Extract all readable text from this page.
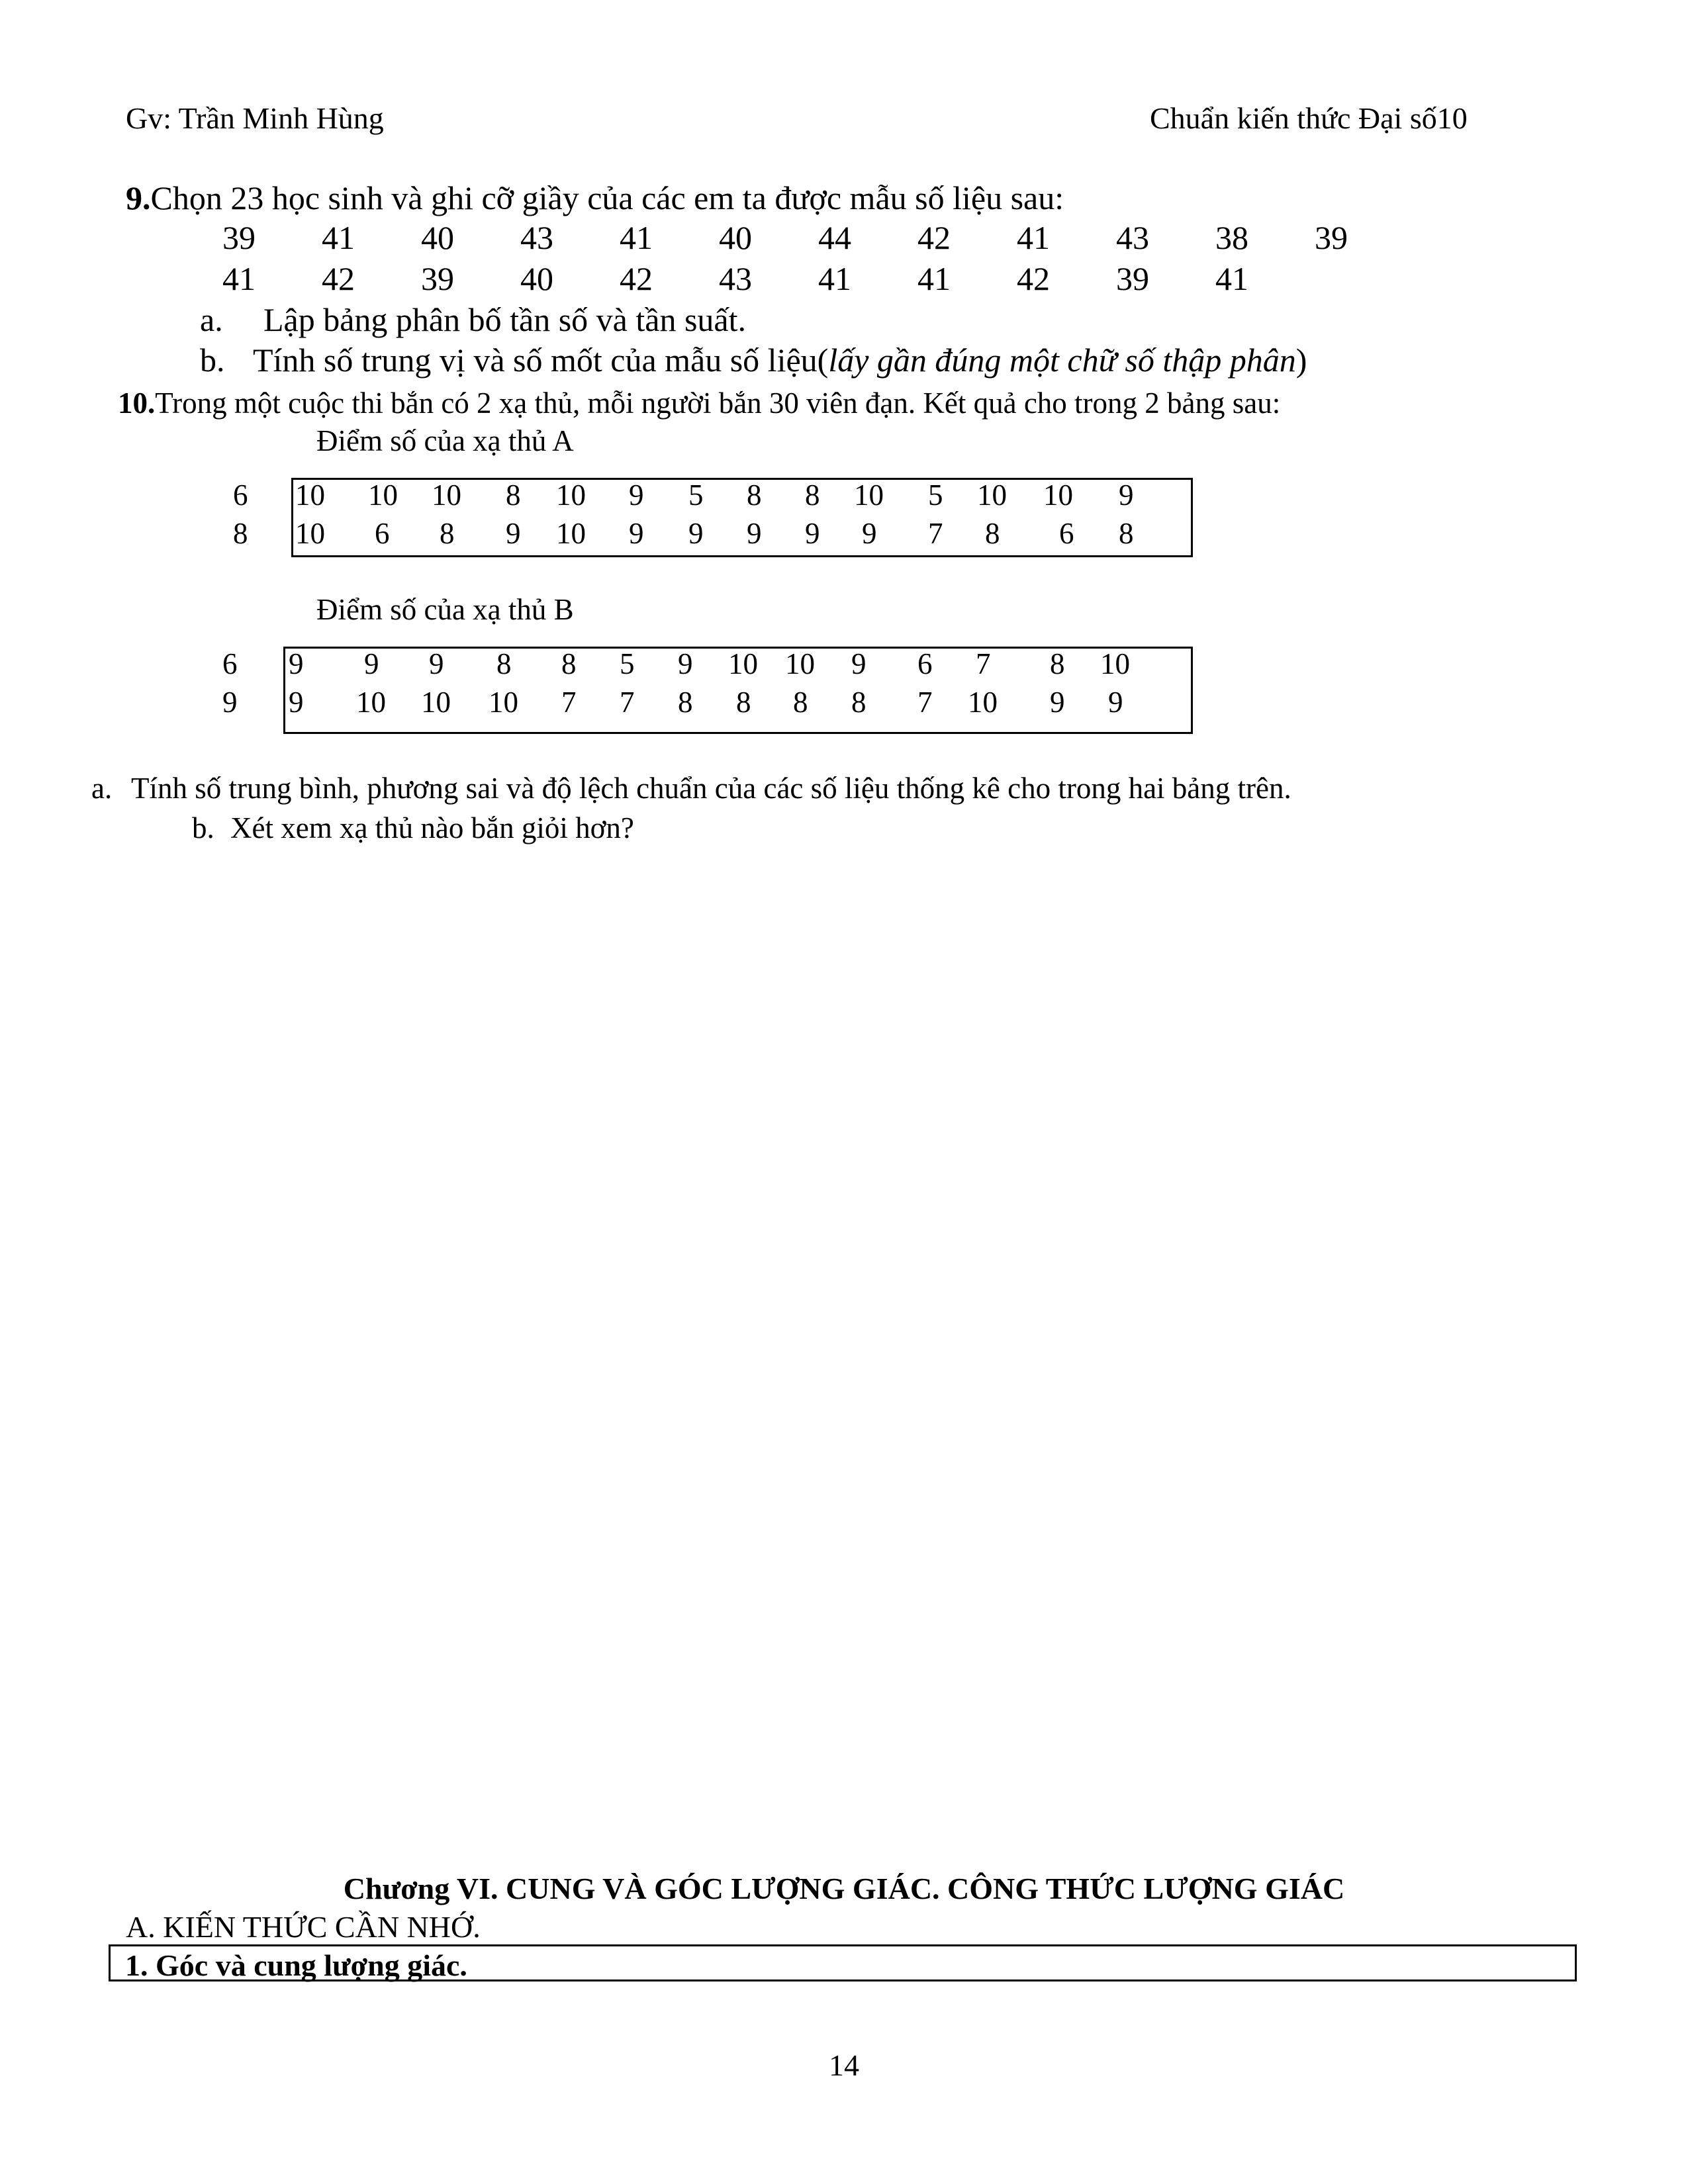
Gv: Trần Minh Hùng	Chuẩn kiến thức Đại số10
9.Chọn 23 học sinh và ghi cỡ giầy của các em ta được mẫu số liệu sau:
39 41 40 43 41 40 44 42 41 43 38 39
41 42 39 40 42 43 41 41 42 39 41
a. Lập bảng phân bố tần số và tần suất.
b. Tính số trung vị và số mốt của mẫu số liệu(lấy gần đúng một chữ số thập phân)
10.Trong một cuộc thi bắn có 2 xạ thủ, mỗi người bắn 30 viên đạn. Kết quả cho trong 2 bảng sau:
Điểm số của xạ thủ A
6 10 10 10 8 10 9 5 8 8 10 5 10 10 9
8 10 6 8 9 10 9 9 9 9 9 7 8 6 8
Điểm số của xạ thủ B
6 9 9 9 8 8 5 9 10 10 9 6 7 8 10
9 9 10 10 10 7 7 8 8 8 8 7 10 9 9
a. Tính số trung bình, phương sai và độ lệch chuẩn của các số liệu thống kê cho trong hai bảng trên.
b. Xét xem xạ thủ nào bắn giỏi hơn?
Chương VI. CUNG VÀ GÓC LƯỢNG GIÁC. CÔNG THỨC LƯỢNG GIÁC
A. KIẾN THỨC CẦN NHỚ.
1. Góc và cung lượng giác.
14
